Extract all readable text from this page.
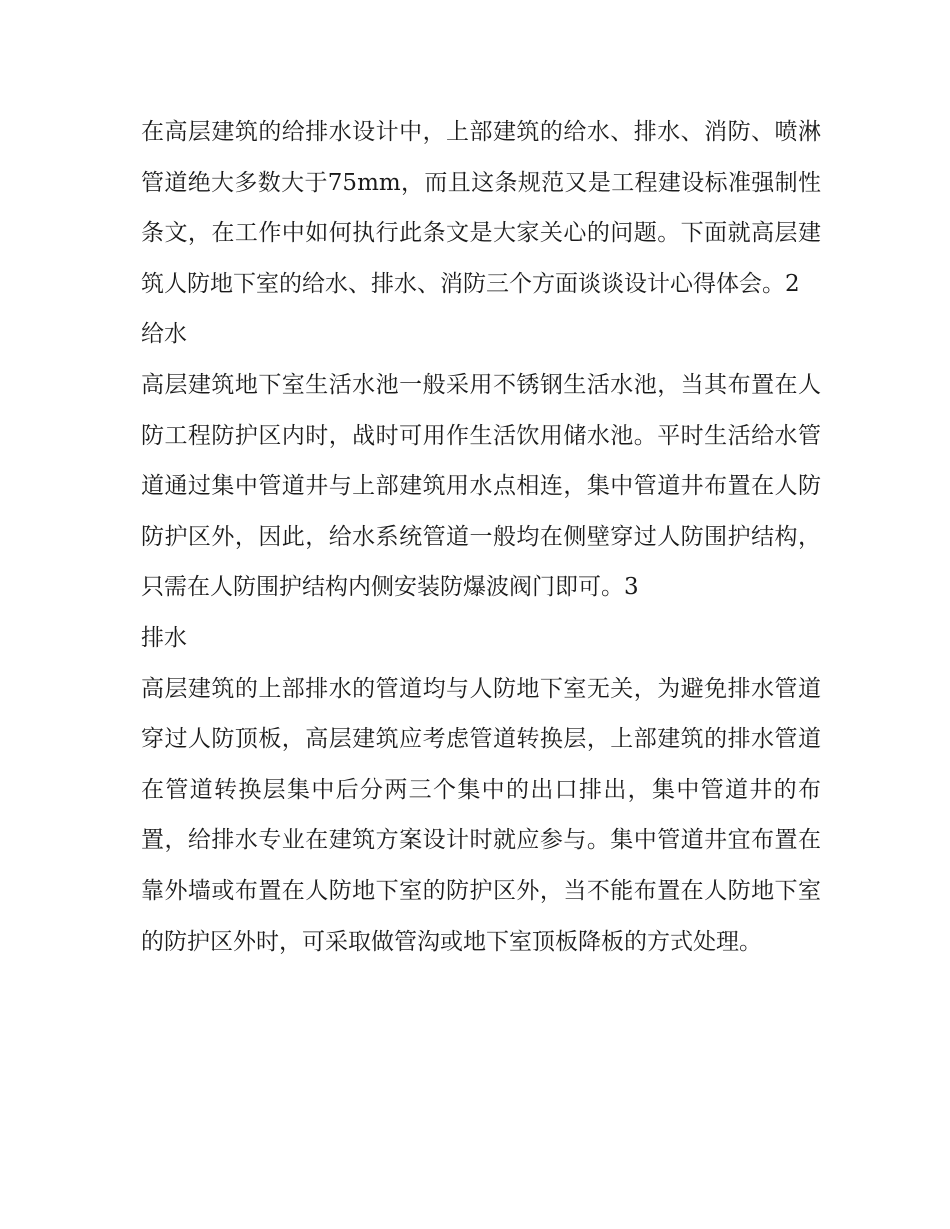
在高层建筑的给排水设计中，上部建筑的给水、排水、消防、喷淋管道绝大多数大于75mm，而且这条规范又是工程建设标准强制性条文，在工作中如何执行此条文是大家关心的问题。下面就高层建筑人防地下室的给水、排水、消防三个方面谈谈设计心得体会。2

给水

高层建筑地下室生活水池一般采用不锈钢生活水池，当其布置在人防工程防护区内时，战时可用作生活饮用储水池。平时生活给水管道通过集中管道井与上部建筑用水点相连，集中管道井布置在人防防护区外，因此，给水系统管道一般均在侧壁穿过人防围护结构，只需在人防围护结构内侧安装防爆波阀门即可。3

排水

高层建筑的上部排水的管道均与人防地下室无关，为避免排水管道穿过人防顶板，高层建筑应考虑管道转换层，上部建筑的排水管道在管道转换层集中后分两三个集中的出口排出，集中管道井的布置，给排水专业在建筑方案设计时就应参与。集中管道井宜布置在靠外墙或布置在人防地下室的防护区外，当不能布置在人防地下室的防护区外时，可采取做管沟或地下室顶板降板的方式处理。
